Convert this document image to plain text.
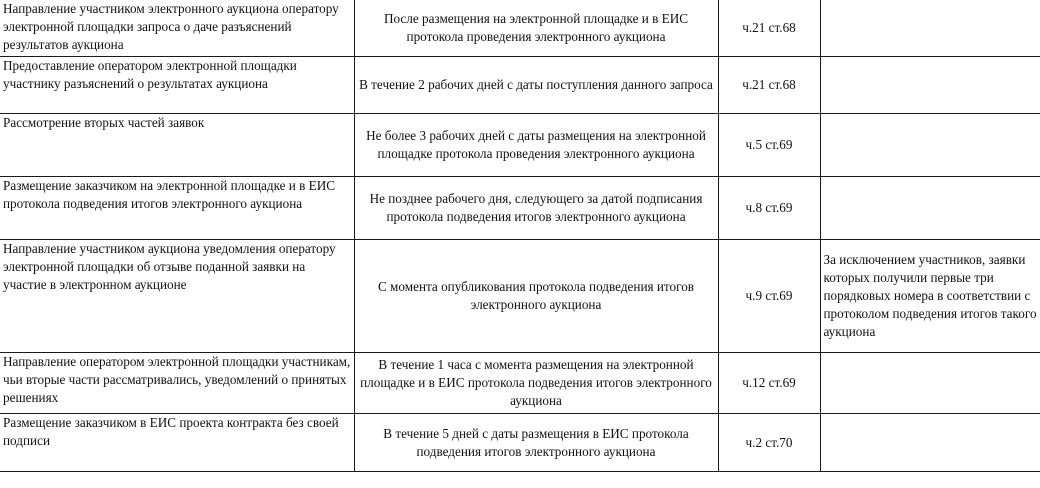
Направление участником электронного аукциона оператору электронной площадки запроса о даче разъяснений результатов аукциона	После размещения на электронной площадке и в ЕИС протокола проведения электронного аукциона	ч.21 ст.68	
Предоставление оператором электронной площадки участнику разъяснений о результатах аукциона	В течение 2 рабочих дней с даты поступления данного запроса	ч.21 ст.68	
Рассмотрение вторых частей заявок	Не более 3 рабочих дней с даты размещения на электронной площадке протокола проведения электронного аукциона	ч.5 ст.69	
Размещение заказчиком на электронной площадке и в ЕИС протокола подведения итогов электронного аукциона	Не позднее рабочего дня, следующего за датой подписания протокола подведения итогов электронного аукциона	ч.8 ст.69	
Направление участником аукциона уведомления оператору электронной площадки об отзыве поданной заявки на участие в электронном аукционе	С момента опубликования протокола подведения итогов электронного аукциона	ч.9 ст.69	За исключением участников, заявки которых получили первые три порядковых номера в соответствии с протоколом подведения итогов такого аукциона
Направление оператором электронной площадки участникам, чьи вторые части рассматривались, уведомлений о принятых решениях	В течение 1 часа с момента размещения на электронной площадке и в ЕИС протокола подведения итогов электронного аукциона	ч.12 ст.69	
Размещение заказчиком в ЕИС проекта контракта без своей подписи	В течение 5 дней с даты размещения в ЕИС протокола подведения итогов электронного аукциона	ч.2 ст.70	
